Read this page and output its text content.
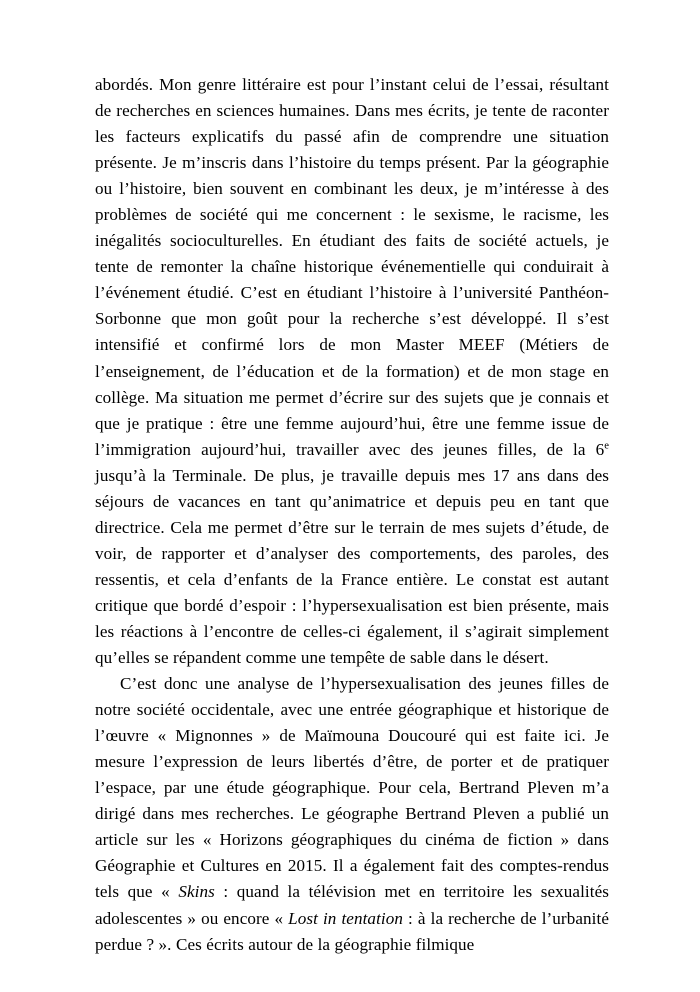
abordés. Mon genre littéraire est pour l’instant celui de l’essai, résultant de recherches en sciences humaines. Dans mes écrits, je tente de raconter les facteurs explicatifs du passé afin de comprendre une situation présente. Je m’inscris dans l’histoire du temps présent. Par la géographie ou l’histoire, bien souvent en combinant les deux, je m’intéresse à des problèmes de société qui me concernent : le sexisme, le racisme, les inégalités socioculturelles. En étudiant des faits de société actuels, je tente de remonter la chaîne historique événementielle qui conduirait à l’événement étudié. C’est en étudiant l’histoire à l’université Panthéon-Sorbonne que mon goût pour la recherche s’est développé. Il s’est intensifié et confirmé lors de mon Master MEEF (Métiers de l’enseignement, de l’éducation et de la formation) et de mon stage en collège. Ma situation me permet d’écrire sur des sujets que je connais et que je pratique : être une femme aujourd’hui, être une femme issue de l’immigration aujourd’hui, travailler avec des jeunes filles, de la 6e jusqu’à la Terminale. De plus, je travaille depuis mes 17 ans dans des séjours de vacances en tant qu’animatrice et depuis peu en tant que directrice. Cela me permet d’être sur le terrain de mes sujets d’étude, de voir, de rapporter et d’analyser des comportements, des paroles, des ressentis, et cela d’enfants de la France entière. Le constat est autant critique que bordé d’espoir : l’hypersexualisation est bien présente, mais les réactions à l’encontre de celles-ci également, il s’agirait simplement qu’elles se répandent comme une tempête de sable dans le désert.

C’est donc une analyse de l’hypersexualisation des jeunes filles de notre société occidentale, avec une entrée géographique et historique de l’œuvre « Mignonnes » de Maïmouna Doucouré qui est faite ici. Je mesure l’expression de leurs libertés d’être, de porter et de pratiquer l’espace, par une étude géographique. Pour cela, Bertrand Pleven m’a dirigé dans mes recherches. Le géographe Bertrand Pleven a publié un article sur les « Horizons géographiques du cinéma de fiction » dans Géographie et Cultures en 2015. Il a également fait des comptes-rendus tels que « Skins : quand la télévision met en territoire les sexualités adolescentes » ou encore « Lost in tentation : à la recherche de l’urbanité perdue ? ». Ces écrits autour de la géographie filmique
